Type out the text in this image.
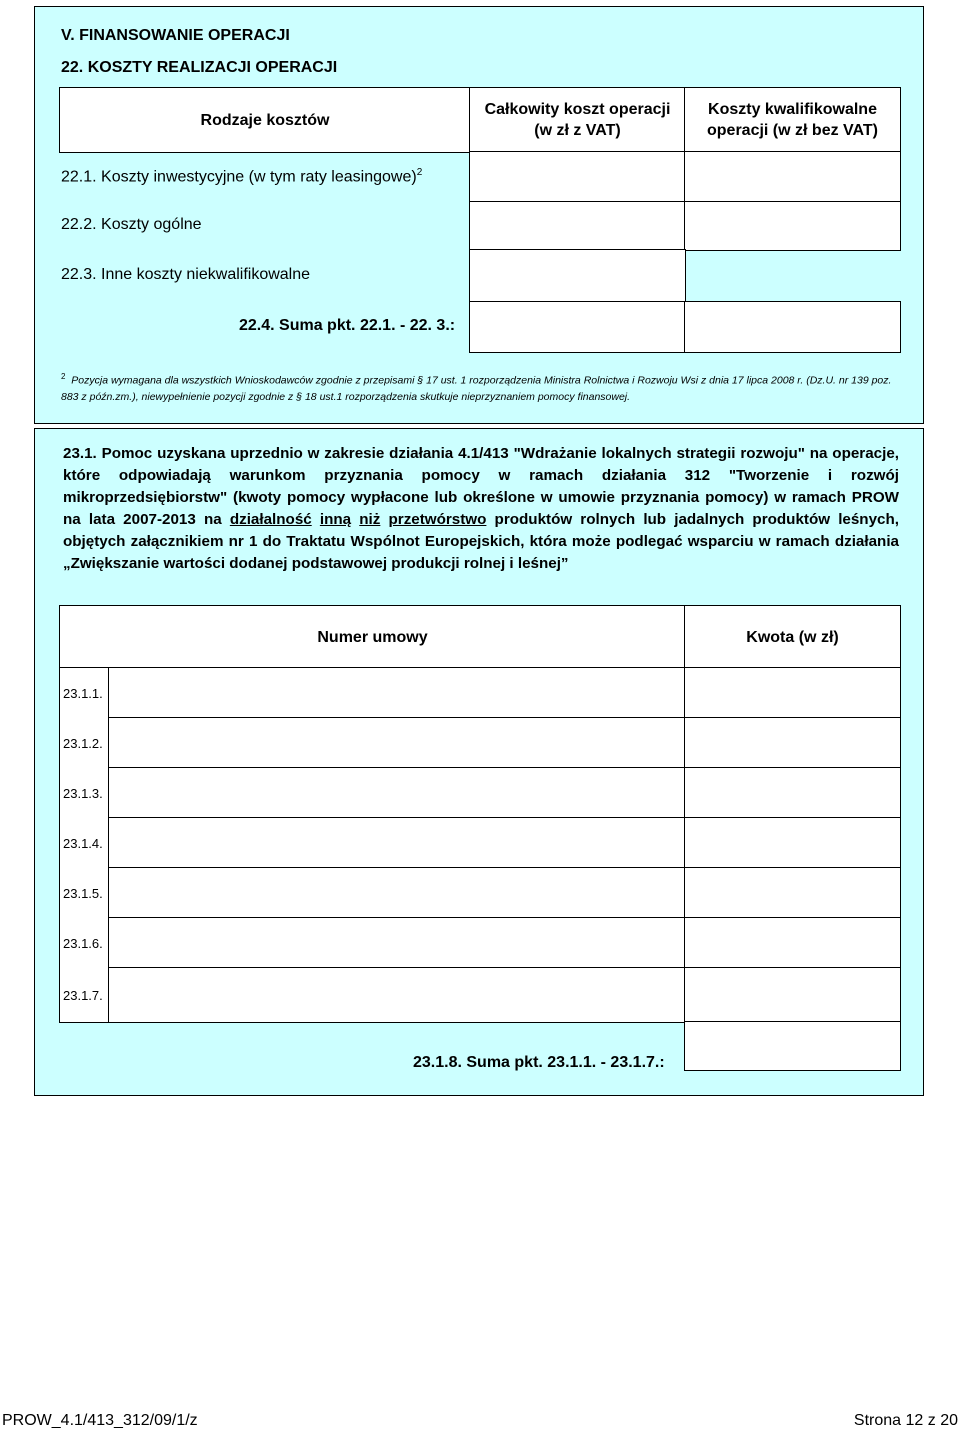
V. FINANSOWANIE OPERACJI
22. KOSZTY REALIZACJI OPERACJI
Rodzaje kosztów
Całkowity koszt operacji
(w zł z VAT)
Koszty kwalifikowalne
operacji (w zł bez VAT)
22.1. Koszty inwestycyjne (w tym raty leasingowe)$^2$
22.2. Koszty ogólne
22.3. Inne koszty niekwalifikowalne
22.4. Suma pkt. 22.1. - 22. 3.:
$^2$ Pozycja wymagana dla wszystkich Wnioskodawców zgodnie z przepisami § 17 ust. 1 rozporządzenia Ministra Rolnictwa i Rozwoju Wsi z dnia 17 lipca 2008 r. (Dz.U. nr 139 poz. 883 z późn.zm.), niewypełnienie pozycji zgodnie z § 18 ust.1 rozporządzenia skutkuje nieprzyznaniem pomocy finansowej.
23.1. Pomoc uzyskana uprzednio w zakresie działania 4.1/413 "Wdrażanie lokalnych strategii rozwoju" na operacje, które odpowiadają warunkom przyznania pomocy w ramach działania 312 "Tworzenie i rozwój mikroprzedsiębiorstw" (kwoty pomocy wypłacone lub określone w umowie przyznania pomocy) w ramach PROW na lata 2007-2013 na działalność inną niż przetwórstwo produktów rolnych lub jadalnych produktów leśnych, objętych załącznikiem nr 1 do Traktatu Wspólnot Europejskich, która może podlegać wsparciu w ramach działania „Zwiększanie wartości dodanej podstawowej produkcji rolnej i leśnej”
Numer umowy	Kwota (w zł)
23.1.1.
23.1.2.
23.1.3.
23.1.4.
23.1.5.
23.1.6.
23.1.7.
23.1.8. Suma pkt. 23.1.1. - 23.1.7.:
PROW_4.1/413_312/09/1/z	Strona 12 z 20
